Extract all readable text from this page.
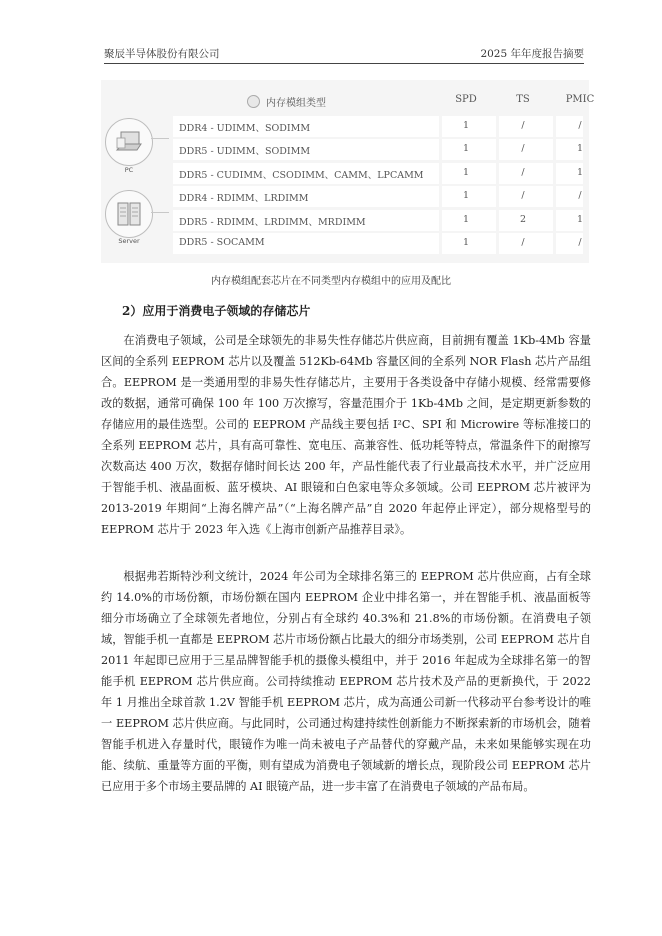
聚辰半导体股份有限公司	2025 年年度报告摘要
PC
Server
内存模组类型	SPD	TS	PMIC
DDR4 - UDIMM、SODIMM	1	/	/
DDR5 - UDIMM、SODIMM	1	/	1
DDR5 - CUDIMM、CSODIMM、CAMM、LPCAMM	1	/	1
DDR4 - RDIMM、LRDIMM	1	/	/
DDR5 - RDIMM、LRDIMM、MRDIMM	1	2	1
DDR5 - SOCAMM	1	/	/
内存模组配套芯片在不同类型内存模组中的应用及配比
2）应用于消费电子领域的存储芯片

在消费电子领域，公司是全球领先的非易失性存储芯片供应商，目前拥有覆盖 1Kb-4Mb 容量区间的全系列 EEPROM 芯片以及覆盖 512Kb-64Mb 容量区间的全系列 NOR Flash 芯片产品组合。EEPROM 是一类通用型的非易失性存储芯片，主要用于各类设备中存储小规模、经常需要修改的数据，通常可确保 100 年 100 万次擦写，容量范围介于 1Kb-4Mb 之间，是定期更新参数的存储应用的最佳选型。公司的 EEPROM 产品线主要包括 I²C、SPI 和 Microwire 等标准接口的全系列 EEPROM 芯片，具有高可靠性、宽电压、高兼容性、低功耗等特点，常温条件下的耐擦写次数高达 400 万次，数据存储时间长达 200 年，产品性能代表了行业最高技术水平，并广泛应用于智能手机、液晶面板、蓝牙模块、AI 眼镜和白色家电等众多领域。公司 EEPROM 芯片被评为 2013-2019 年期间“上海名牌产品”（“上海名牌产品”自 2020 年起停止评定），部分规格型号的 EEPROM 芯片于 2023 年入选《上海市创新产品推荐目录》。

根据弗若斯特沙利文统计，2024 年公司为全球排名第三的 EEPROM 芯片供应商，占有全球约 14.0%的市场份额，市场份额在国内 EEPROM 企业中排名第一，并在智能手机、液晶面板等细分市场确立了全球领先者地位，分别占有全球约 40.3%和 21.8%的市场份额。在消费电子领域，智能手机一直都是 EEPROM 芯片市场份额占比最大的细分市场类别，公司 EEPROM 芯片自 2011 年起即已应用于三星品牌智能手机的摄像头模组中，并于 2016 年起成为全球排名第一的智能手机 EEPROM 芯片供应商。公司持续推动 EEPROM 芯片技术及产品的更新换代，于 2022 年 1 月推出全球首款 1.2V 智能手机 EEPROM 芯片，成为高通公司新一代移动平台参考设计的唯一 EEPROM 芯片供应商。与此同时，公司通过构建持续性创新能力不断探索新的市场机会，随着智能手机进入存量时代，眼镜作为唯一尚未被电子产品替代的穿戴产品，未来如果能够实现在功能、续航、重量等方面的平衡，则有望成为消费电子领域新的增长点，现阶段公司 EEPROM 芯片已应用于多个市场主要品牌的 AI 眼镜产品，进一步丰富了在消费电子领域的产品布局。
